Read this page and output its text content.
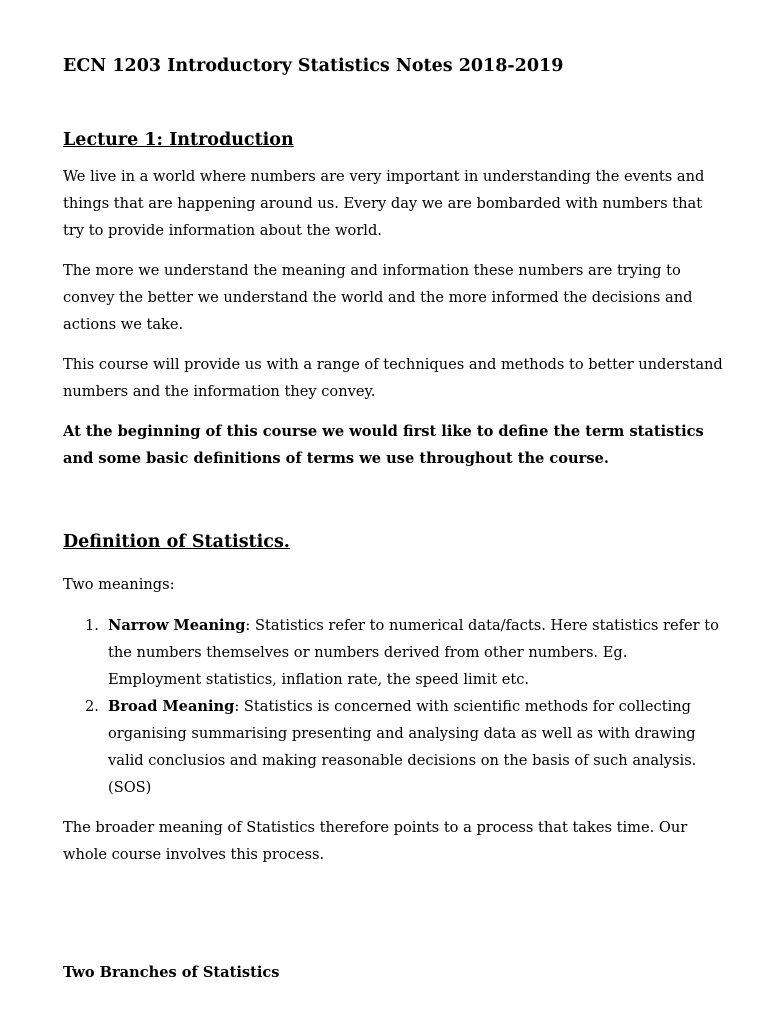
ECN 1203 Introductory Statistics Notes 2018-2019
Lecture 1: Introduction

We live in a world where numbers are very important in understanding the events and things that are happening around us. Every day we are bombarded with numbers that try to provide information about the world.

The more we understand the meaning and information these numbers are trying to convey the better we understand the world and the more informed the decisions and actions we take.

This course will provide us with a range of techniques and methods to better understand numbers and the information they convey.

At the beginning of this course we would first like to define the term statistics and some basic definitions of terms we use throughout the course.

Definition of Statistics.

Two meanings:

1. Narrow Meaning: Statistics refer to numerical data/facts. Here statistics refer to the numbers themselves or numbers derived from other numbers. Eg. Employment statistics, inflation rate, the speed limit etc.
2. Broad Meaning: Statistics is concerned with scientific methods for collecting organising summarising presenting and analysing data as well as with drawing valid conclusios and making reasonable decisions on the basis of such analysis. (SOS)

The broader meaning of Statistics therefore points to a process that takes time. Our whole course involves this process.

Two Branches of Statistics
